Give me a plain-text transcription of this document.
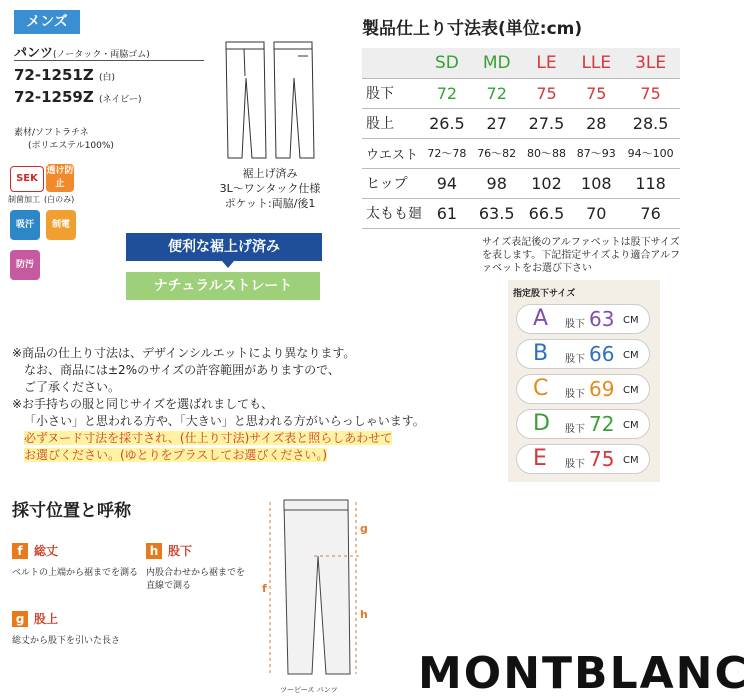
メンズ
パンツ(ノータック・両脇ゴム)
72-1251Z (白)
72-1259Z (ネイビー)
素材/ソフトラチネ
(ポリエステル100%)
SEK
制菌加工
透け防止
(白のみ)
吸汗	制電
防汚
裾上げ済み
3L～ワンタック仕様
ポケット:両脇/後1
便利な裾上げ済み
ナチュラルストレート
製品仕上り寸法表(単位:cm)
	SD	MD	LE	LLE	3LE
股下	72	72	75	75	75
股上	26.5	27	27.5	28	28.5
ウエスト	72～78	76～82	80～88	87～93	94～100
ヒップ	94	98	102	108	118
太もも廻	61	63.5	66.5	70	76
サイズ表記後のアルファベットは股下サイズを表します。下記指定サイズより適合アルファベットをお選び下さい
指定股下サイズ
A 股下 63 CM
B 股下 66 CM
C 股下 69 CM
D 股下 72 CM
E 股下 75 CM
※商品の仕上り寸法は、デザインシルエットにより異なります。
なお、商品には±2%のサイズの許容範囲がありますので、
ご了承ください。
※お手持ちの服と同じサイズを選ばれましても、
「小さい」と思われる方や、「大きい」と思われる方がいらっしゃいます。
必ずヌード寸法を採寸され、(仕上り寸法)サイズ表と照らしあわせて
お選びください。(ゆとりをプラスしてお選びください。)
採寸位置と呼称
f 総丈
ベルトの上端から裾までを測る
h 股下
内股合わせから裾までを
直線で測る
g 股上
総丈から股下を引いた長さ
f
g
h
ツーピース パンツ MONTBLANC
